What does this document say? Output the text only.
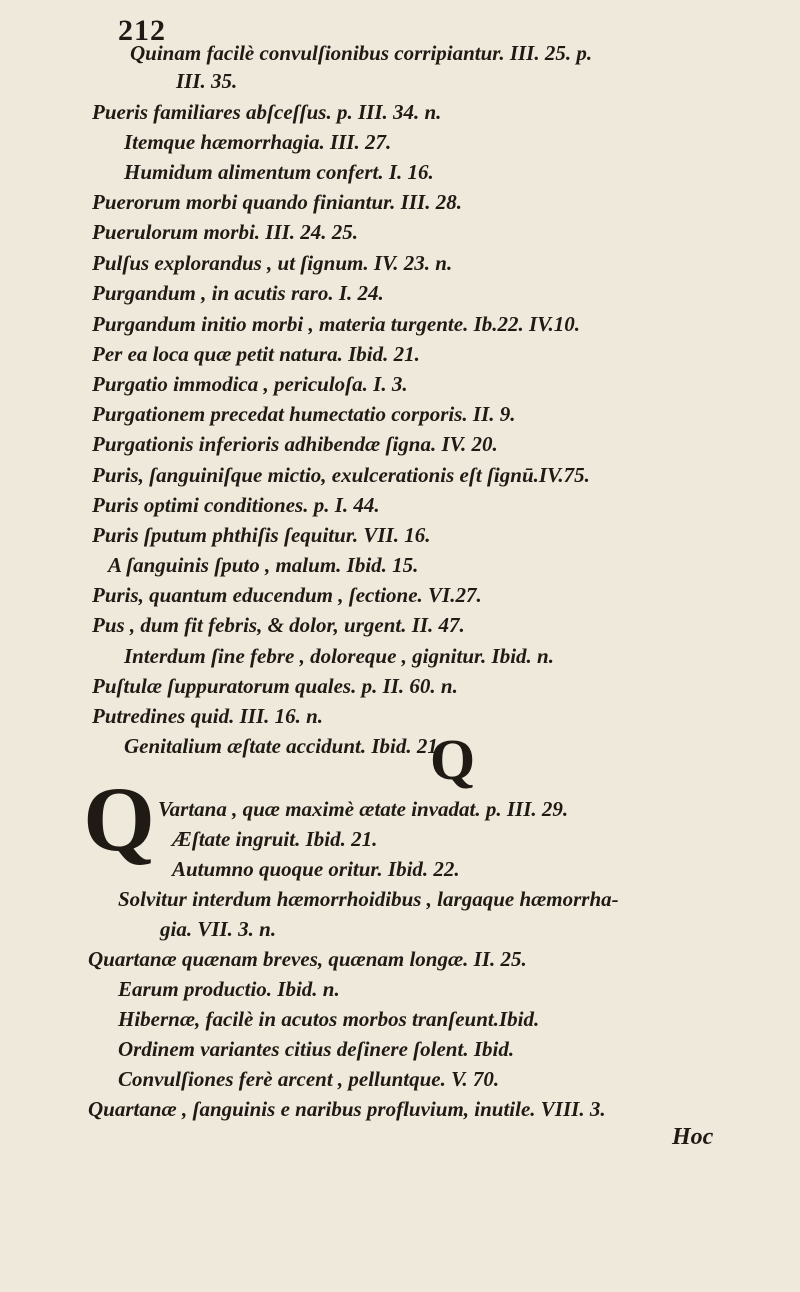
212
Quinam facilè convulſionibus corripiantur. III. 25. p.
III. 35.
Pueris familiares abſceſſus. p. III. 34. n.
Itemque hæmorrhagia. III. 27.
Humidum alimentum confert. I. 16.
Puerorum morbi quando finiantur. III. 28.
Puerulorum morbi. III. 24. 25.
Pulſus explorandus , ut ſignum. IV. 23. n.
Purgandum , in acutis raro. I. 24.
Purgandum initio morbi , materia turgente. Ib.22. IV.10.
Per ea loca quæ petit natura. Ibid. 21.
Purgatio immodica , periculoſa. I. 3.
Purgationem precedat humectatio corporis. II. 9.
Purgationis inferioris adhibendæ ſigna. IV. 20.
Puris, ſanguiniſque mictio, exulcerationis eſt ſignū.IV.75.
Puris optimi conditiones. p. I. 44.
Puris ſputum phthiſis ſequitur. VII. 16.
A ſanguinis ſputo , malum. Ibid. 15.
Puris, quantum educendum , ſectione. VI.27.
Pus , dum fit febris, & dolor, urgent. II. 47.
Interdum ſine febre , doloreque , gignitur. Ibid. n.
Puſtulæ ſuppuratorum quales. p. II. 60. n.
Putredines quid. III. 16. n.
Genitalium æſtate accidunt. Ibid. 21.
Q
Q Vartana , quæ maximè ætate invadat. p. III. 29.
Æſtate ingruit. Ibid. 21.
Autumno quoque oritur. Ibid. 22.
Solvitur interdum hæmorrhoidibus , largaque hæmorrha-
gia. VII. 3. n.
Quartanæ quænam breves, quænam longæ. II. 25.
Earum productio. Ibid. n.
Hibernæ, facilè in acutos morbos tranſeunt.Ibid.
Ordinem variantes citius deſinere ſolent. Ibid.
Convulſiones ferè arcent , pelluntque. V. 70.
Quartanæ , ſanguinis e naribus profluvium, inutile. VIII. 3.
Hoc
